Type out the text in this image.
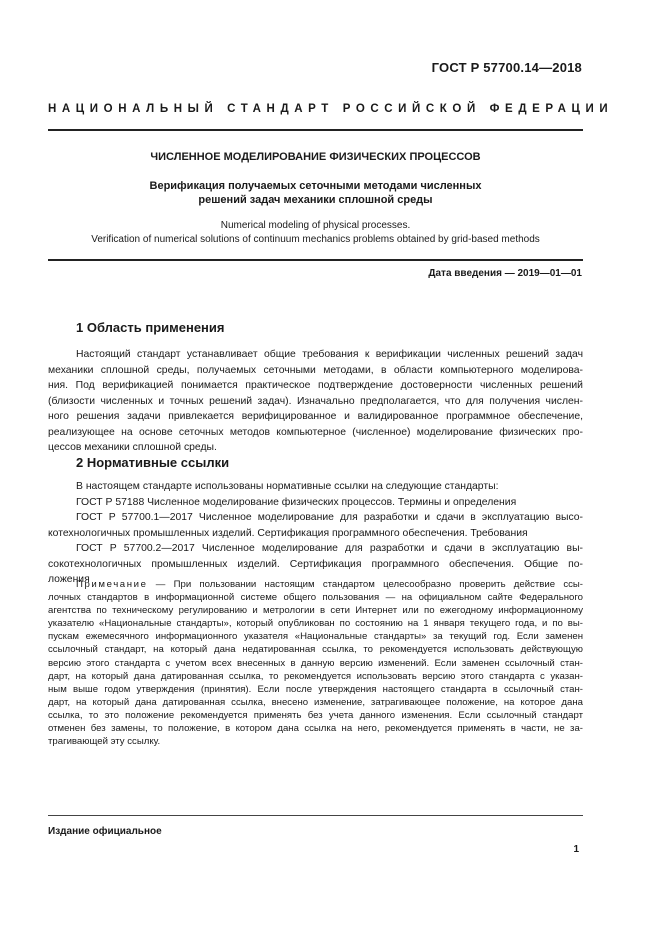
ГОСТ Р 57700.14—2018
НАЦИОНАЛЬНЫЙ СТАНДАРТ РОССИЙСКОЙ ФЕДЕРАЦИИ
ЧИСЛЕННОЕ МОДЕЛИРОВАНИЕ ФИЗИЧЕСКИХ ПРОЦЕССОВ
Верификация получаемых сеточными методами численных
решений задач механики сплошной среды
Numerical modeling of physical processes.
Verification of numerical solutions of continuum mechanics problems obtained by grid-based methods
Дата введения — 2019—01—01
1 Область применения
Настоящий стандарт устанавливает общие требования к верификации численных решений задач
механики сплошной среды, получаемых сеточными методами, в области компьютерного моделирова-
ния. Под верификацией понимается практическое подтверждение достоверности численных решений
(близости численных и точных решений задач). Изначально предполагается, что для получения числен-
ного решения задачи привлекается верифицированное и валидированное программное обеспечение,
реализующее на основе сеточных методов компьютерное (численное) моделирование физических про-
цессов механики сплошной среды.
2 Нормативные ссылки
В настоящем стандарте использованы нормативные ссылки на следующие стандарты:
ГОСТ Р 57188 Численное моделирование физических процессов. Термины и определения
ГОСТ Р 57700.1—2017 Численное моделирование для разработки и сдачи в эксплуатацию высо-
котехнологичных промышленных изделий. Сертификация программного обеспечения. Требования
ГОСТ Р 57700.2—2017 Численное моделирование для разработки и сдачи в эксплуатацию вы-
сокотехнологичных промышленных изделий. Сертификация программного обеспечения. Общие по-
ложения
Примечание — При пользовании настоящим стандартом целесообразно проверить действие ссы-
лочных стандартов в информационной системе общего пользования — на официальном сайте Федерального
агентства по техническому регулированию и метрологии в сети Интернет или по ежегодному информационному
указателю «Национальные стандарты», который опубликован по состоянию на 1 января текущего года, и по вы-
пускам ежемесячного информационного указателя «Национальные стандарты» за текущий год. Если заменен
ссылочный стандарт, на который дана недатированная ссылка, то рекомендуется использовать действующую
версию этого стандарта с учетом всех внесенных в данную версию изменений. Если заменен ссылочный стан-
дарт, на который дана датированная ссылка, то рекомендуется использовать версию этого стандарта с указан-
ным выше годом утверждения (принятия). Если после утверждения настоящего стандарта в ссылочный стан-
дарт, на который дана датированная ссылка, внесено изменение, затрагивающее положение, на которое дана
ссылка, то это положение рекомендуется применять без учета данного изменения. Если ссылочный стандарт
отменен без замены, то положение, в котором дана ссылка на него, рекомендуется применять в части, не за-
трагивающей эту ссылку.
Издание официальное
1
